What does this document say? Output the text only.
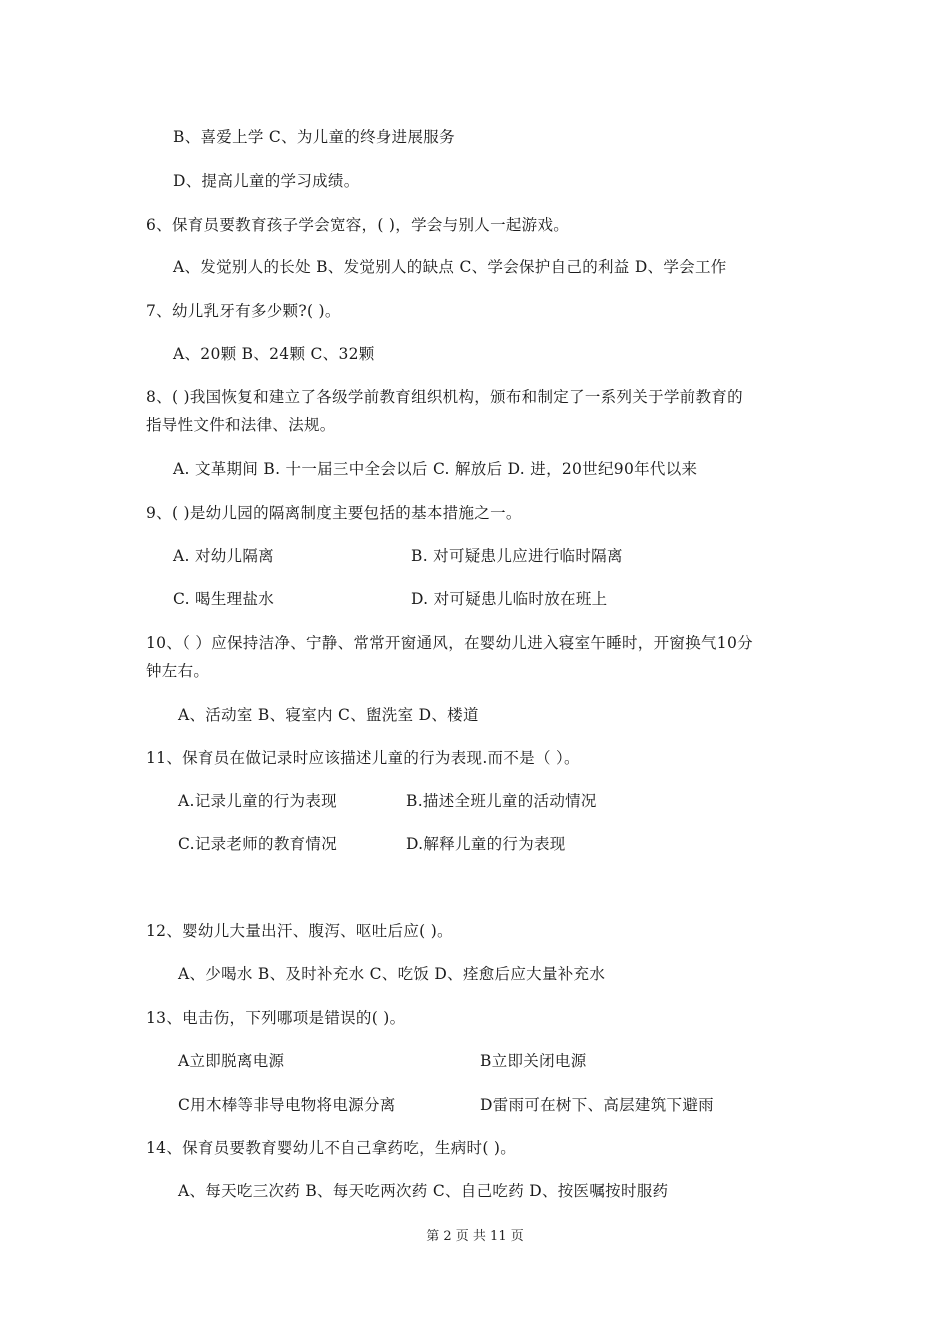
B、喜爱上学 C、为儿童的终身进展服务
D、提高儿童的学习成绩。
6、保育员要教育孩子学会宽容，( )，学会与别人一起游戏。
A、发觉别人的长处 B、发觉别人的缺点 C、学会保护自己的利益 D、学会工作
7、幼儿乳牙有多少颗?( )。
A、20颗 B、24颗 C、32颗
8、( )我国恢复和建立了各级学前教育组织机构，颁布和制定了一系列关于学前教育的
指导性文件和法律、法规。
A. 文革期间 B. 十一届三中全会以后 C. 解放后 D. 进，20世纪90年代以来
9、( )是幼儿园的隔离制度主要包括的基本措施之一。
A. 对幼儿隔离	B. 对可疑患儿应进行临时隔离
C. 喝生理盐水	D. 对可疑患儿临时放在班上
10、（ ）应保持洁净、宁静、常常开窗通风，在婴幼儿进入寝室午睡时，开窗换气10分
钟左右。
A、活动室 B、寝室内 C、盥洗室 D、楼道
11、保育员在做记录时应该描述儿童的行为表现.而不是（ ）。
A.记录儿童的行为表现	B.描述全班儿童的活动情况
C.记录老师的教育情况	D.解释儿童的行为表现
12、婴幼儿大量出汗、腹泻、呕吐后应( )。
A、少喝水 B、及时补充水 C、吃饭 D、痊愈后应大量补充水
13、电击伤，下列哪项是错误的( )。
A立即脱离电源	B立即关闭电源
C用木棒等非导电物将电源分离	D雷雨可在树下、高层建筑下避雨
14、保育员要教育婴幼儿不自己拿药吃，生病时( )。
A、每天吃三次药 B、每天吃两次药 C、自己吃药 D、按医嘱按时服药
第 2 页 共 11 页
